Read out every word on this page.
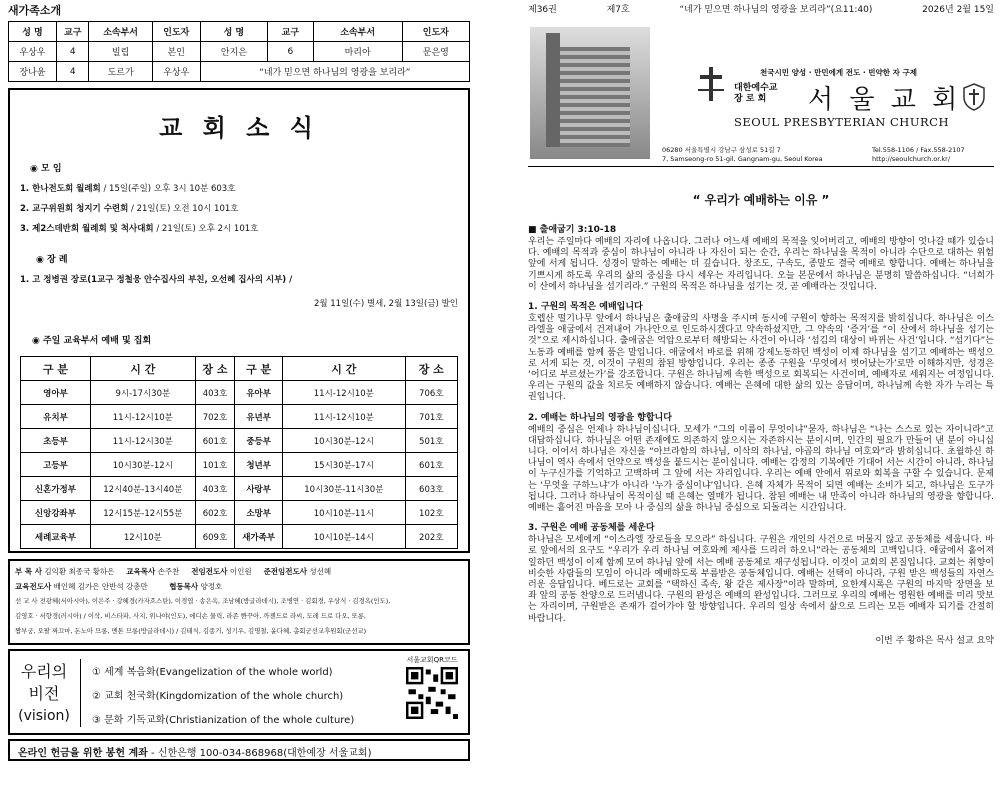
새가족소개
성 명	교구	소속부서	인도자	성 명	교구	소속부서	인도자
우상우	4	빌립	본인	안지은	6	마리아	문은영
장나윤	4	도르가	우상우	“네가 믿으면 하나님의 영광을 보리라”			
교 회 소 식
◉ 모 임
1. 한나전도회 월례회 / 15일(주일) 오후 3시 10분 603호
2. 교구위원회 청지기 수련회 / 21일(토) 오전 10시 101호
3. 제2스데반회 월례회 및 척사대회 / 21일(토) 오후 2시 101호
◉ 장 례
1. 고 정병권 장로(1교구 정철웅 안수집사의 부친, 오선혜 집사의 시부) /
2월 11일(수) 별세, 2월 13일(금) 발인
◉ 주일 교육부서 예배 및 집회
구 분	시 간	장 소	구 분	시 간	장 소
영아부	9시-17시30분	403호	유아부	11시-12시10분	706호
유치부	11시-12시10분	702호	유년부	11시-12시10분	701호
초등부	11시-12시30분	601호	중등부	10시30분-12시	501호
고등부	10시30분-12시	101호	청년부	15시30분-17시	601호
신혼가정부	12시40분-13시40분	403호	사랑부	10시30분-11시30분	603호
신앙강좌부	12시15분-12시55분	602호	소망부	10시10분-11시	102호
세례교육부	12시10분	609호	새가족부	10시10분-14시	202호
부 목 사 김익환 최종국 황하은 교육목사 손주찬 전임전도사 이인원 준전임전도사 성선혜
교육전도사 배인혜 김가은 안반석 강총만	협동목사 양정호
선 교 사 전광혜(서아시아), 이은주 · 강혜경(카자흐스탄), 이경엽 · 송은옥, 조남혜(방글라데시), 조병연 · 김회경, 우상식 · 김경옥(인도),
김영호 · 서향경(러시아) / 이삭, 비스타파, 사지, 위나야(인도), 에디손 물릭, 라존 빤꾸아, 까젠드로 라씨, 도레 드로 다오, 또롱,
짬부궁, 오팔 짜끄마, 돈노아 므롱, 멘톤 므롱(방글라데시) / 김태식, 김종기, 성기우, 김명철, 윤다혜, 총회군선교후원회(군선교)
우리의
비전
(vision)
① 세계 복음화(Evangelization of the whole world)
② 교회 천국화(Kingdomization of the whole church)
③ 문화 기독교화(Christianization of the whole culture)
서울교회QR코드
온라인 헌금을 위한 봉헌 계좌 - 신한은행 100-034-868968(대한예장 서울교회)
제36권	제7호	“네가 믿으면 하나님의 영광을 보리라”(요11:40)	2026년 2월 15일
천국시민 양성 · 만민에게 전도 · 빈약한 자 구제
대한예수교
장 로 회	서 울 교 회
SEOUL PRESBYTERIAN CHURCH
06280 서울특별시 강남구 삼성로 51길 7
7, Samseong-ro 51-gil, Gangnam-gu, Seoul Korea
Tel.558-1106 / Fax.558-2107
http://seoulchurch.or.kr/
“ 우리가 예배하는 이유 ”
■ 출애굽기 3:10-18
우리는 주일마다 예배의 자리에 나옵니다. 그러나 어느새 예배의 목적을 잊어버리고, 예배의 방향이 엇나갈 때가 있습니다. 예배의 목적과 중심이 하나님이 아니라 나 자신이 되는 순간, 우리는 하나님을 목적이 아니라 수단으로 대하는 위험 앞에 서게 됩니다. 성경이 말하는 예배는 더 깊습니다. 창조도, 구속도, 종말도 결국 예배로 향합니다. 예배는 하나님을 기쁘시게 하도록 우리의 삶의 중심을 다시 세우는 자리입니다. 오늘 본문에서 하나님은 분명히 말씀하십니다. “너희가 이 산에서 하나님을 섬기리라.” 구원의 목적은 하나님을 섬기는 것, 곧 예배라는 것입니다.
1. 구원의 목적은 예배입니다
호렙산 떨기나무 앞에서 하나님은 출애굽의 사명을 주시며 동시에 구원이 향하는 목적지를 밝히십니다. 하나님은 이스라엘을 애굽에서 건져내어 가나안으로 인도하시겠다고 약속하셨지만, 그 약속의 ‘증거’를 “이 산에서 하나님을 섬기는 것”으로 제시하십니다. 출애굽은 억압으로부터 해방되는 사건이 아니라 ‘섬김의 대상이 바뀌는 사건’입니다. “섬기다”는 노동과 예배를 함께 품은 말입니다. 애굽에서 바로를 위해 강제노동하던 백성이 이제 하나님을 섬기고 예배하는 백성으로 서게 되는 것, 이것이 구원의 참된 방향입니다. 우리는 종종 구원을 ‘무엇에서 벗어났는가’로만 이해하지만, 성경은 ‘어디로 부르셨는가’를 강조합니다. 구원은 하나님께 속한 백성으로 회복되는 사건이며, 예배자로 세워지는 여정입니다. 우리는 구원의 값을 치르듯 예배하지 않습니다. 예배는 은혜에 대한 삶의 있는 응답이며, 하나님께 속한 자가 누리는 특권입니다.
2. 예배는 하나님의 영광을 향합니다
예배의 중심은 언제나 하나님이십니다. 모세가 “그의 이름이 무엇이냐”묻자, 하나님은 “나는 스스로 있는 자이니라”고 대답하십니다. 하나님은 어떤 존재에도 의존하지 않으시는 자존하시는 분이시며, 인간의 필요가 만들어 낸 분이 아니십니다. 이어서 하나님은 자신을 “아브라함의 하나님, 이삭의 하나님, 야곱의 하나님 여호와”라 밝히십니다. 초월하신 하나님이 역사 속에서 언약으로 백성을 붙드시는 분이십니다. 예배는 감정의 기복에만 기대어 서는 시간이 아니라, 하나님이 누구신가를 기억하고 고백하며 그 앞에 서는 자리입니다. 우리는 예배 안에서 위로와 회복을 구할 수 있습니다. 문제는 ‘무엇을 구하느냐’가 아니라 ‘누가 중심이냐’입니다. 은혜 자체가 목적이 되면 예배는 소비가 되고, 하나님은 도구가 됩니다. 그러나 하나님이 목적이실 때 은혜는 열매가 됩니다. 참된 예배는 내 만족이 아니라 하나님의 영광을 향합니다. 예배는 흩어진 마음을 모아 나 중심의 삶을 하나님 중심으로 되돌리는 시간입니다.
3. 구원은 예배 공동체를 세운다
하나님은 모세에게 “이스라엘 장로들을 모으라” 하십니다. 구원은 개인의 사건으로 머물지 않고 공동체를 세웁니다. 바로 앞에서의 요구도 “우리가 우리 하나님 여호와께 제사를 드리러 하오니”라는 공동체의 고백입니다. 애굽에서 흩어져 일하던 백성이 이제 함께 모여 하나님 앞에 서는 예배 공동체로 재구성됩니다. 이것이 교회의 본질입니다. 교회는 취향이 비슷한 사람들의 모임이 아니라 예배하도록 부름받은 공동체입니다. 예배는 선택이 아니라, 구원 받은 백성들의 자연스러운 응답입니다. 베드로는 교회를 “택하신 족속, 왕 같은 제사장”이라 말하며, 요한계시록은 구원의 마지막 장면을 보좌 앞의 공동 찬양으로 드러냅니다. 구원의 완성은 예배의 완성입니다. 그러므로 우리의 예배는 영원한 예배를 미리 맛보는 자리이며, 구원받은 존재가 걸어가야 할 방향입니다. 우리의 일상 속에서 삶으로 드리는 모든 예배자 되기를 간절히 바랍니다.
이번 주 황하은 목사 설교 요약
